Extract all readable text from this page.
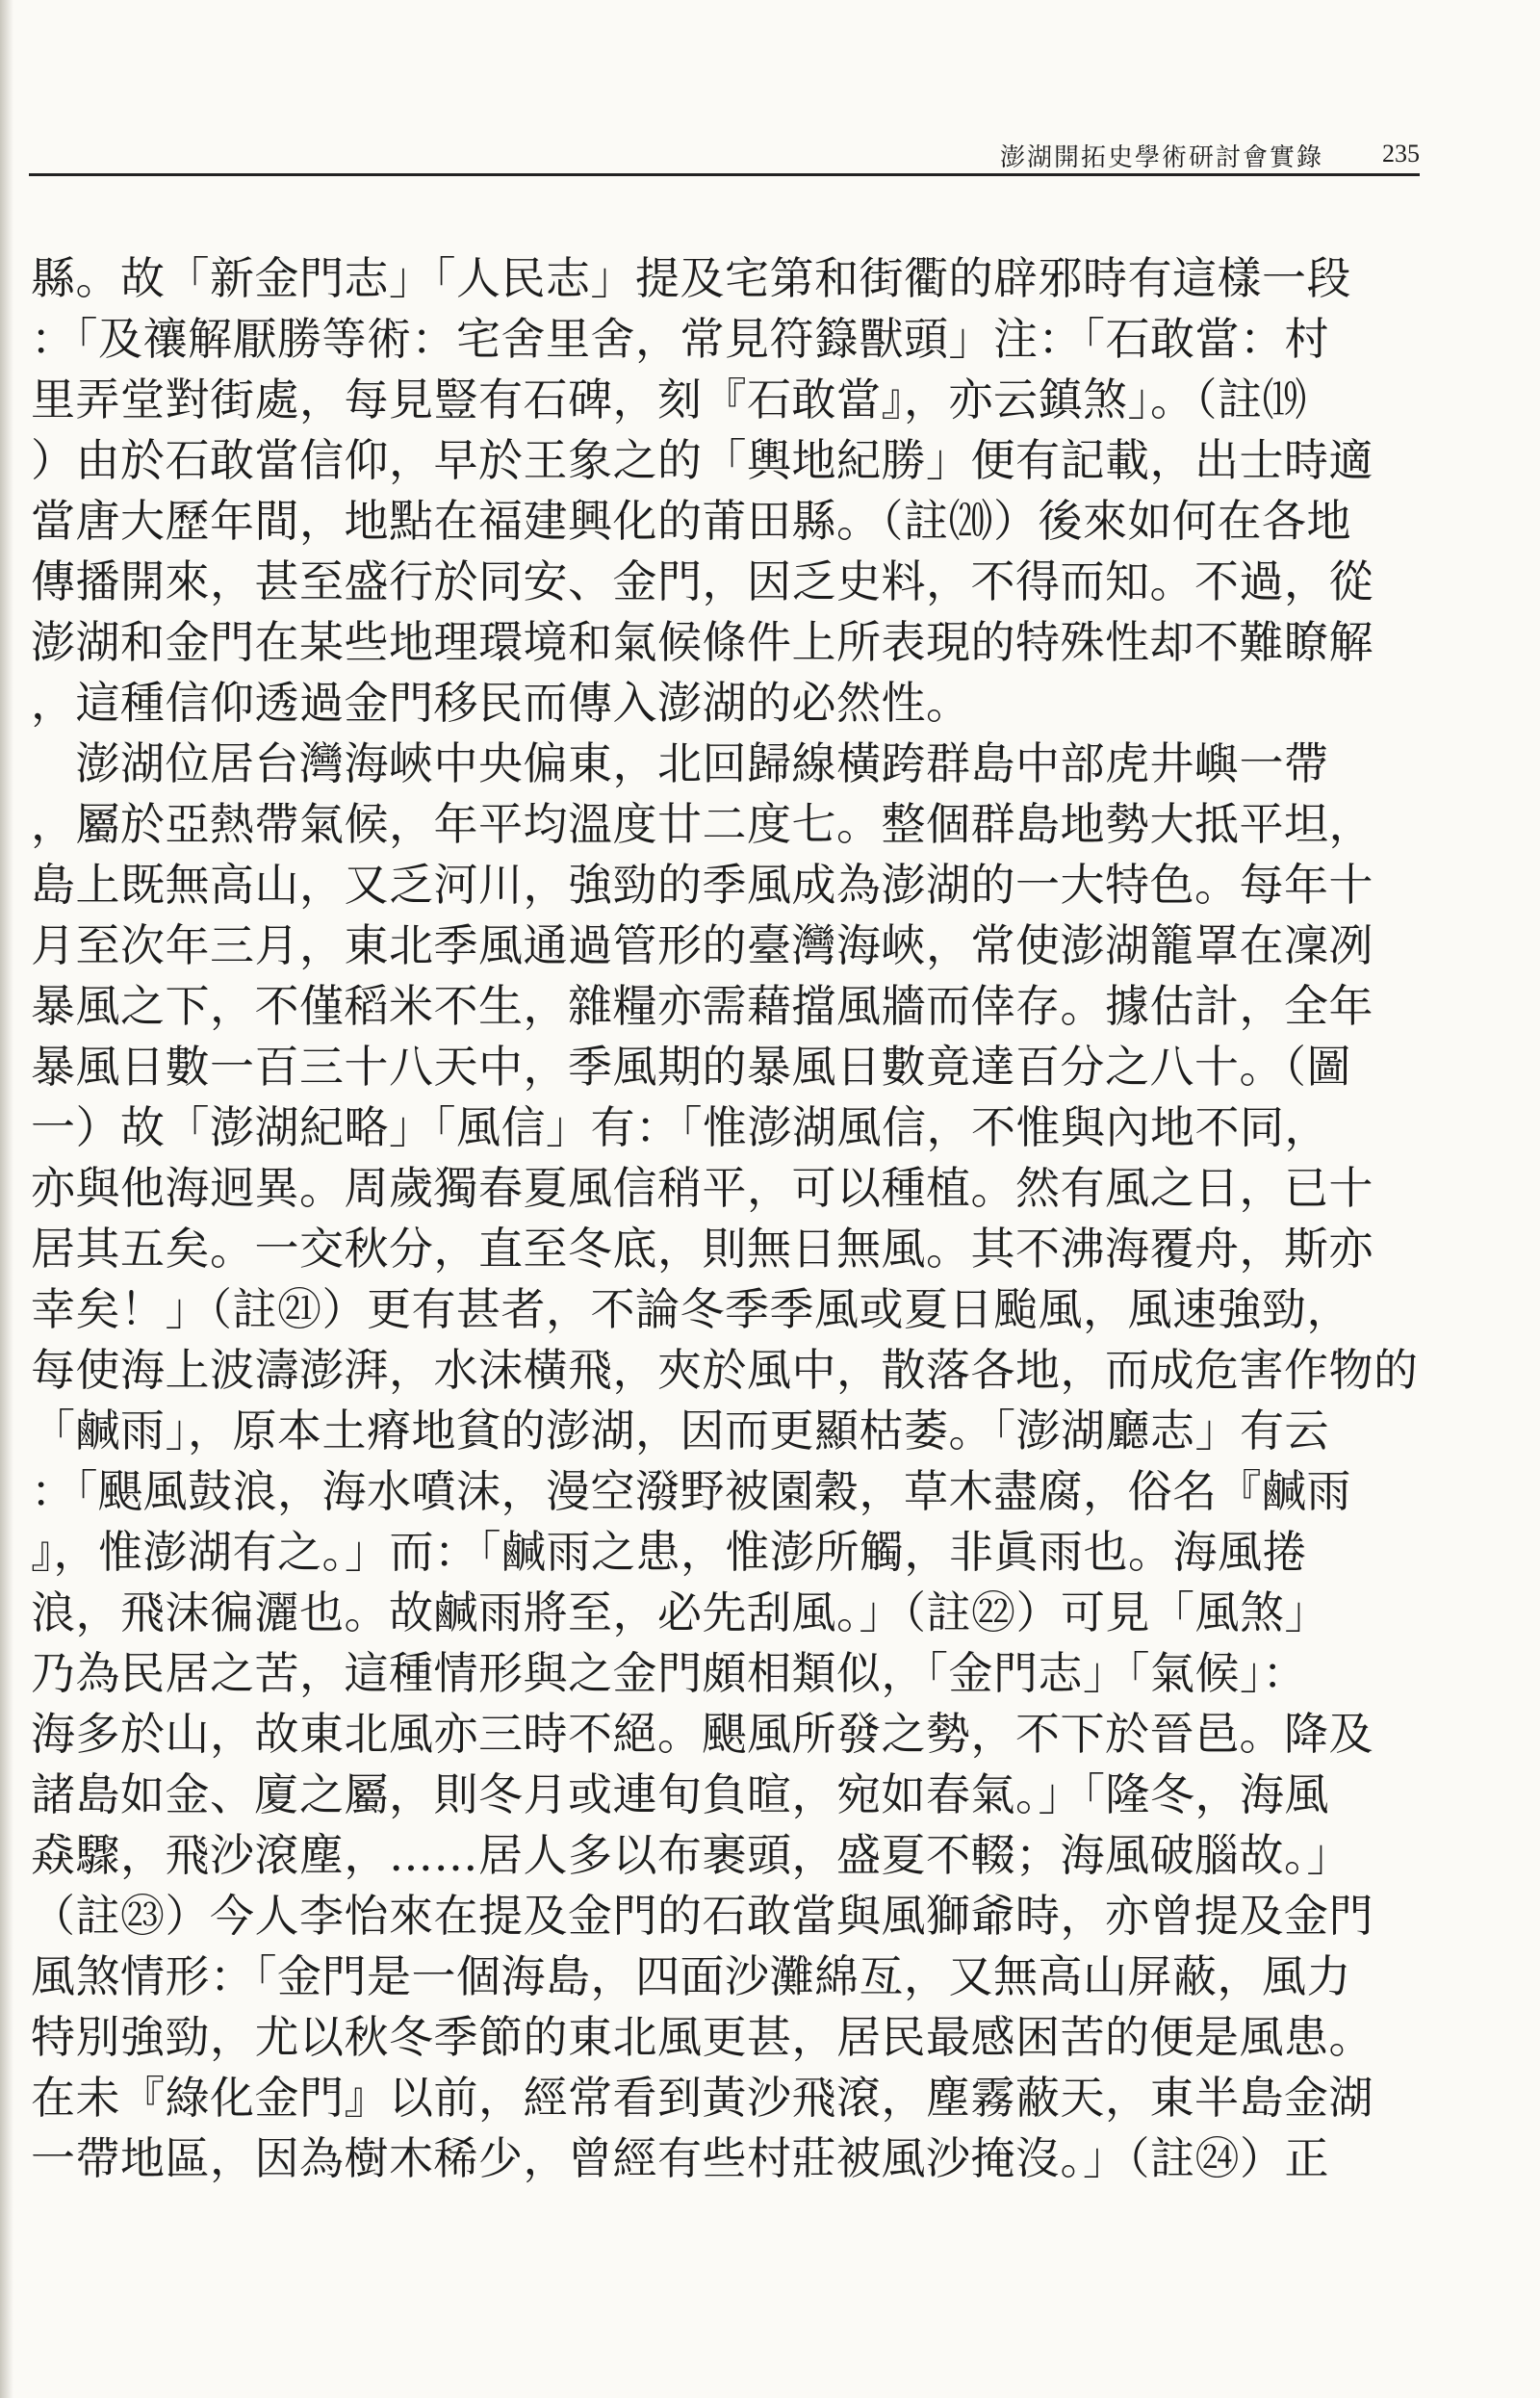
澎湖開拓史學術研討會實錄 235
縣。故「新金門志」「人民志」提及宅第和街衢的辟邪時有這樣一段
：「及禳解厭勝等術：宅舍里舍，常見符籙獸頭」注：「石敢當：村
里弄堂對街處，每見豎有石碑，刻『石敢當』，亦云鎮煞」。（註⒆
）由於石敢當信仰，早於王象之的「輿地紀勝」便有記載，出士時適
當唐大歷年間，地點在福建興化的莆田縣。（註⒇）後來如何在各地
傳播開來，甚至盛行於同安、金門，因乏史料，不得而知。不過，從
澎湖和金門在某些地理環境和氣候條件上所表現的特殊性却不難瞭解
，這種信仰透過金門移民而傳入澎湖的必然性。
　澎湖位居台灣海峽中央偏東，北回歸線橫跨群島中部虎井嶼一帶
，屬於亞熱帶氣候，年平均溫度廿二度七。整個群島地勢大抵平坦，
島上既無高山，又乏河川，強勁的季風成為澎湖的一大特色。每年十
月至次年三月，東北季風通過管形的臺灣海峽，常使澎湖籠罩在凜冽
暴風之下，不僅稻米不生，雜糧亦需藉擋風牆而倖存。據估計，全年
暴風日數一百三十八天中，季風期的暴風日數竟達百分之八十。（圖
一）故「澎湖紀略」「風信」有：「惟澎湖風信，不惟與內地不同，
亦與他海迥異。周歲獨春夏風信稍平，可以種植。然有風之日，已十
居其五矣。一交秋分，直至冬底，則無日無風。其不沸海覆舟，斯亦
幸矣！」（註㉑）更有甚者，不論冬季季風或夏日颱風，風速強勁，
每使海上波濤澎湃，水沫橫飛，夾於風中，散落各地，而成危害作物的
「鹹雨」，原本土瘠地貧的澎湖，因而更顯枯萎。「澎湖廳志」有云
：「颶風鼓浪，海水噴沫，漫空潑野被園穀，草木盡腐，俗名『鹹雨
』，惟澎湖有之。」而：「鹹雨之患，惟澎所觸，非眞雨也。海風捲
浪，飛沫徧灑也。故鹹雨將至，必先刮風。」（註㉒）可見「風煞」
乃為民居之苦，這種情形與之金門頗相類似，「金門志」「氣候」：
海多於山，故東北風亦三時不絕。颶風所發之勢，不下於晉邑。降及
諸島如金、廈之屬，則冬月或連旬負暄，宛如春氣。」「隆冬，海風
猋驟，飛沙滾塵，……居人多以布裹頭，盛夏不輟；海風破腦故。」
（註㉓）今人李怡來在提及金門的石敢當與風獅爺時，亦曾提及金門
風煞情形：「金門是一個海島，四面沙灘綿亙，又無高山屏蔽，風力
特別強勁，尤以秋冬季節的東北風更甚，居民最感困苦的便是風患。
在未『綠化金門』以前，經常看到黃沙飛滾，塵霧蔽天，東半島金湖
一帶地區，因為樹木稀少，曾經有些村莊被風沙掩沒。」（註㉔）正
